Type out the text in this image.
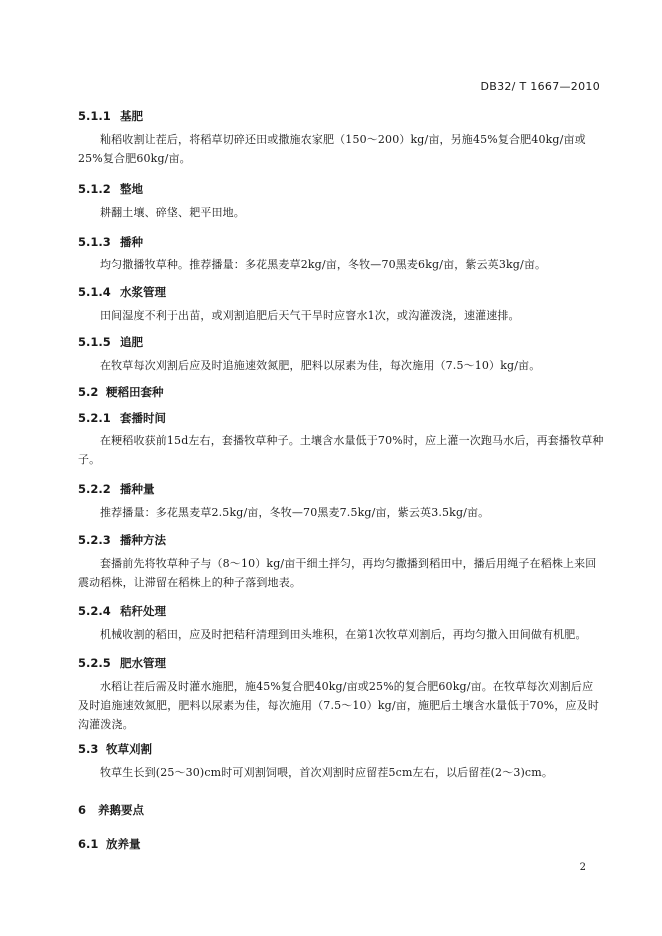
DB32/ T 1667—2010
5.1.1 基肥
籼稻收割让茬后，将稻草切碎还田或撒施农家肥（150～200）kg/亩，另施45%复合肥40kg/亩或25%复合肥60kg/亩。
5.1.2 整地
耕翻土壤、碎垡、耙平田地。
5.1.3 播种
均匀撒播牧草种。推荐播量：多花黑麦草2kg/亩，冬牧—70黑麦6kg/亩，紫云英3kg/亩。
5.1.4 水浆管理
田间湿度不利于出苗，或刈割追肥后天气干旱时应窨水1次，或沟灌泼浇，速灌速排。
5.1.5 追肥
在牧草每次刈割后应及时追施速效氮肥，肥料以尿素为佳，每次施用（7.5～10）kg/亩。
5.2 粳稻田套种
5.2.1 套播时间
在粳稻收获前15d左右，套播牧草种子。土壤含水量低于70%时，应上灌一次跑马水后，再套播牧草种子。
5.2.2 播种量
推荐播量：多花黑麦草2.5kg/亩，冬牧—70黑麦7.5kg/亩，紫云英3.5kg/亩。
5.2.3 播种方法
套播前先将牧草种子与（8～10）kg/亩干细土拌匀，再均匀撒播到稻田中，播后用绳子在稻株上来回震动稻株，让滞留在稻株上的种子落到地表。
5.2.4 秸秆处理
机械收割的稻田，应及时把秸秆清理到田头堆积，在第1次牧草刈割后，再均匀撒入田间做有机肥。
5.2.5 肥水管理
水稻让茬后需及时灌水施肥，施45%复合肥40kg/亩或25%的复合肥60kg/亩。在牧草每次刈割后应及时追施速效氮肥，肥料以尿素为佳，每次施用（7.5～10）kg/亩，施肥后土壤含水量低于70%，应及时沟灌泼浇。
5.3 牧草刈割
牧草生长到(25～30)cm时可刈割饲喂，首次刈割时应留茬5cm左右，以后留茬(2～3)cm。
6 养鹅要点
6.1 放养量
2
